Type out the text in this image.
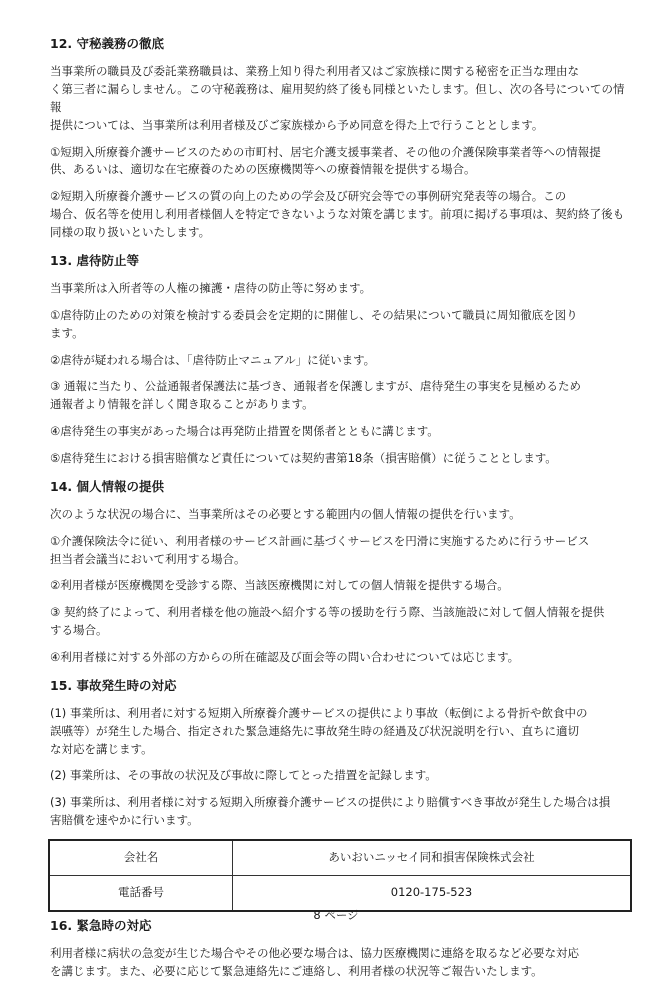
12. 守秘義務の徹底

当事業所の職員及び委託業務職員は、業務上知り得た利用者又はご家族様に関する秘密を正当な理由な
く第三者に漏らしません。この守秘義務は、雇用契約終了後も同様といたします。但し、次の各号についての情報
提供については、当事業所は利用者様及びご家族様から予め同意を得た上で行うこととします。

①短期入所療養介護サービスのための市町村、居宅介護支援事業者、その他の介護保険事業者等への情報提
供、あるいは、適切な在宅療養のための医療機関等への療養情報を提供する場合。

②短期入所療養介護サービスの質の向上のための学会及び研究会等での事例研究発表等の場合。この
場合、仮名等を使用し利用者様個人を特定できないような対策を講じます。前項に掲げる事項は、契約終了後も
同様の取り扱いといたします。

13. 虐待防止等

当事業所は入所者等の人権の擁護・虐待の防止等に努めます。

①虐待防止のための対策を検討する委員会を定期的に開催し、その結果について職員に周知徹底を図り
ます。

②虐待が疑われる場合は、「虐待防止マニュアル」に従います。

③ 通報に当たり、公益通報者保護法に基づき、通報者を保護しますが、虐待発生の事実を見極めるため
通報者より情報を詳しく聞き取ることがあります。

④虐待発生の事実があった場合は再発防止措置を関係者とともに講じます。

⑤虐待発生における損害賠償など責任については契約書第18条（損害賠償）に従うこととします。

14. 個人情報の提供

次のような状況の場合に、当事業所はその必要とする範囲内の個人情報の提供を行います。

①介護保険法令に従い、利用者様のサービス計画に基づくサービスを円滑に実施するために行うサービス
担当者会議当において利用する場合。

②利用者様が医療機関を受診する際、当該医療機関に対しての個人情報を提供する場合。

③ 契約終了によって、利用者様を他の施設へ紹介する等の援助を行う際、当該施設に対して個人情報を提供
する場合。

④利用者様に対する外部の方からの所在確認及び面会等の問い合わせについては応じます。

15. 事故発生時の対応

(1) 事業所は、利用者に対する短期入所療養介護サービスの提供により事故（転倒による骨折や飲食中の
誤嚥等）が発生した場合、指定された緊急連絡先に事故発生時の経過及び状況説明を行い、直ちに適切
な対応を講じます。

(2) 事業所は、その事故の状況及び事故に際してとった措置を記録します。

(3) 事業所は、利用者様に対する短期入所療養介護サービスの提供により賠償すべき事故が発生した場合は損
害賠償を速やかに行います。

会社名	あいおいニッセイ同和損害保険株式会社
電話番号	0120-175-523
16. 緊急時の対応

利用者様に病状の急変が生じた場合やその他必要な場合は、協力医療機関に連絡を取るなど必要な対応
を講じます。また、必要に応じて緊急連絡先にご連絡し、利用者様の状況等ご報告いたします。

8 ページ
